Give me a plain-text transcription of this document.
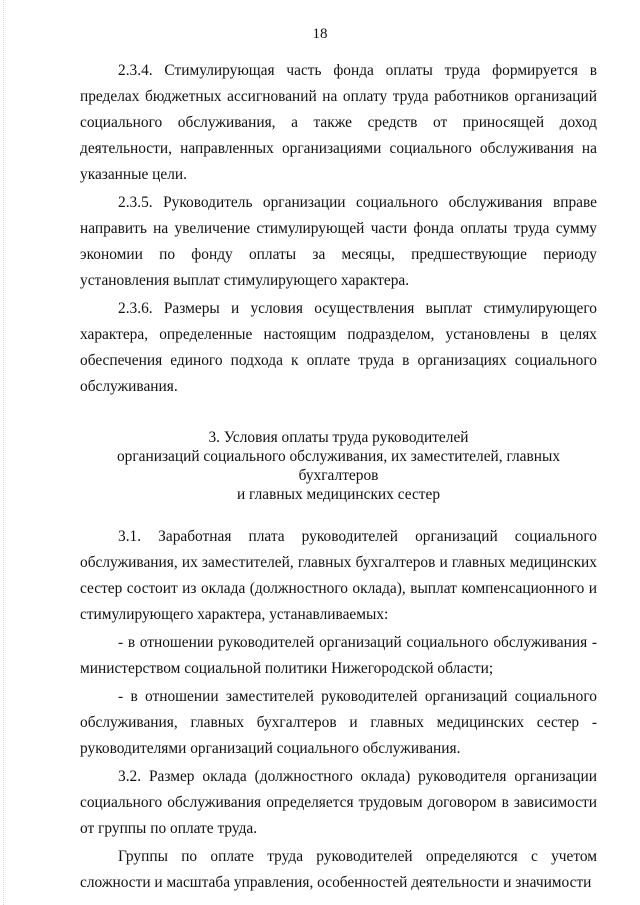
18

2.3.4. Стимулирующая часть фонда оплаты труда формируется в пределах бюджетных ассигнований на оплату труда работников организаций социального обслуживания, а также средств от приносящей доход деятельности, направленных организациями социального обслуживания на указанные цели.

2.3.5. Руководитель организации социального обслуживания вправе направить на увеличение стимулирующей части фонда оплаты труда сумму экономии по фонду оплаты за месяцы, предшествующие периоду установления выплат стимулирующего характера.

2.3.6. Размеры и условия осуществления выплат стимулирующего характера, определенные настоящим подразделом, установлены в целях обеспечения единого подхода к оплате труда в организациях социального обслуживания.

3. Условия оплаты труда руководителей
организаций социального обслуживания, их заместителей, главных бухгалтеров
и главных медицинских сестер

3.1. Заработная плата руководителей организаций социального обслуживания, их заместителей, главных бухгалтеров и главных медицинских сестер состоит из оклада (должностного оклада), выплат компенсационного и стимулирующего характера, устанавливаемых:

- в отношении руководителей организаций социального обслуживания - министерством социальной политики Нижегородской области;

- в отношении заместителей руководителей организаций социального обслуживания, главных бухгалтеров и главных медицинских сестер - руководителями организаций социального обслуживания.

3.2. Размер оклада (должностного оклада) руководителя организации социального обслуживания определяется трудовым договором в зависимости от группы по оплате труда.

Группы по оплате труда руководителей определяются с учетом сложности и масштаба управления, особенностей деятельности и значимости
